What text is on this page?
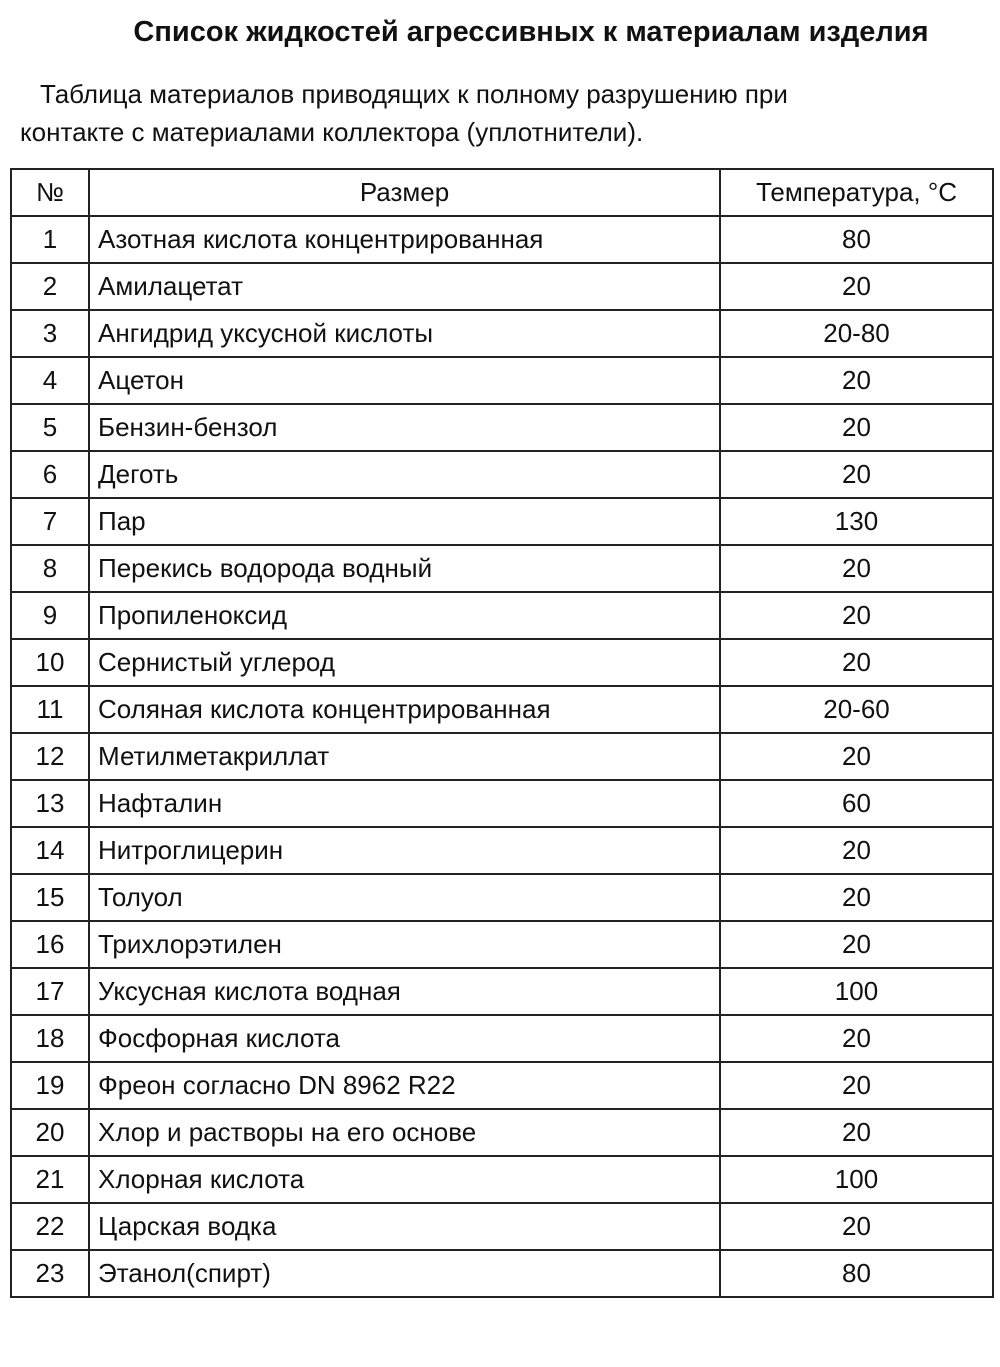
Список жидкостей агрессивных к материалам изделия
Таблица материалов приводящих к полному разрушению при
контакте с материалами коллектора (уплотнители).
№	Размер	Температура, °С
1	Азотная кислота концентрированная	80
2	Амилацетат	20
3	Ангидрид уксусной кислоты	20-80
4	Ацетон	20
5	Бензин-бензол	20
6	Деготь	20
7	Пар	130
8	Перекись водорода водный	20
9	Пропиленоксид	20
10	Сернистый углерод	20
11	Соляная кислота концентрированная	20-60
12	Метилметакриллат	20
13	Нафталин	60
14	Нитроглицерин	20
15	Толуол	20
16	Трихлорэтилен	20
17	Уксусная кислота водная	100
18	Фосфорная кислота	20
19	Фреон согласно DN 8962 R22	20
20	Хлор и растворы на его основе	20
21	Хлорная кислота	100
22	Царская водка	20
23	Этанол(спирт)	80
